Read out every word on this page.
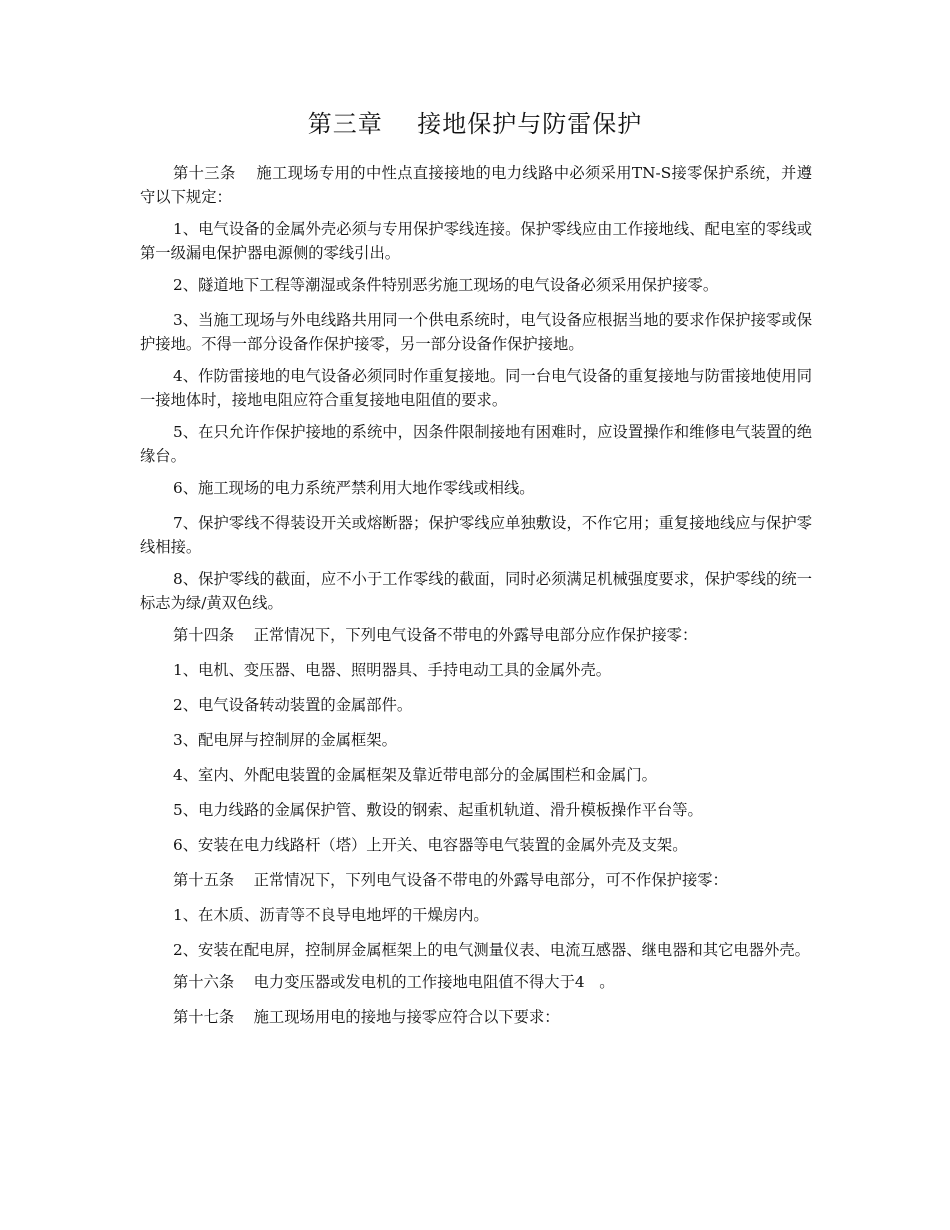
第三章    接地保护与防雷保护

第十三条    施工现场专用的中性点直接接地的电力线路中必须采用TN-S接零保护系统，并遵守以下规定：

1、电气设备的金属外壳必须与专用保护零线连接。保护零线应由工作接地线、配电室的零线或第一级漏电保护器电源侧的零线引出。

2、隧道地下工程等潮湿或条件特别恶劣施工现场的电气设备必须采用保护接零。

3、当施工现场与外电线路共用同一个供电系统时，电气设备应根据当地的要求作保护接零或保护接地。不得一部分设备作保护接零，另一部分设备作保护接地。

4、作防雷接地的电气设备必须同时作重复接地。同一台电气设备的重复接地与防雷接地使用同一接地体时，接地电阻应符合重复接地电阻值的要求。

5、在只允许作保护接地的系统中，因条件限制接地有困难时，应设置操作和维修电气装置的绝缘台。

6、施工现场的电力系统严禁利用大地作零线或相线。

7、保护零线不得装设开关或熔断器；保护零线应单独敷设，不作它用；重复接地线应与保护零线相接。

8、保护零线的截面，应不小于工作零线的截面，同时必须满足机械强度要求，保护零线的统一标志为绿/黄双色线。

第十四条    正常情况下，下列电气设备不带电的外露导电部分应作保护接零：

1、电机、变压器、电器、照明器具、手持电动工具的金属外壳。

2、电气设备转动装置的金属部件。

3、配电屏与控制屏的金属框架。

4、室内、外配电装置的金属框架及靠近带电部分的金属围栏和金属门。

5、电力线路的金属保护管、敷设的钢索、起重机轨道、滑升模板操作平台等。

6、安装在电力线路杆（塔）上开关、电容器等电气装置的金属外壳及支架。

第十五条    正常情况下，下列电气设备不带电的外露导电部分，可不作保护接零：

1、在木质、沥青等不良导电地坪的干燥房内。

2、安装在配电屏，控制屏金属框架上的电气测量仪表、电流互感器、继电器和其它电器外壳。

第十六条    电力变压器或发电机的工作接地电阻值不得大于4   。

第十七条    施工现场用电的接地与接零应符合以下要求：
